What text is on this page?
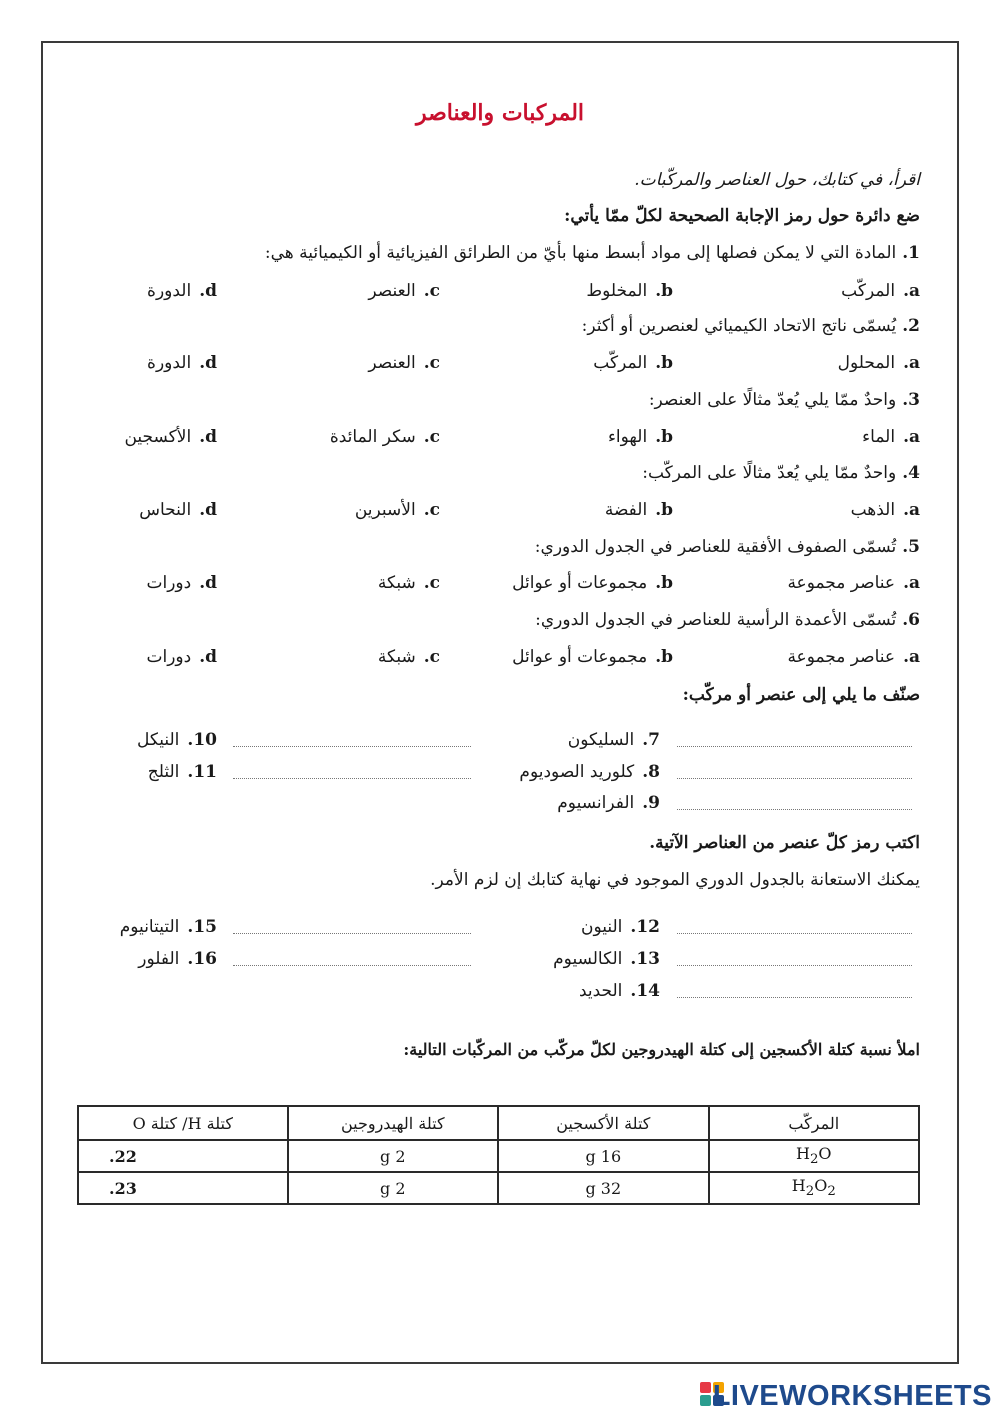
المركبات والعناصر
اقرأ، في كتابك، حول العناصر والمركّبات.
ضع دائرة حول رمز الإجابة الصحيحة لكلّ ممّا يأتي:
1.المادة التي لا يمكن فصلها إلى مواد أبسط منها بأيّ من الطرائق الفيزيائية أو الكيميائية هي:
a.المركّب
b.المخلوط
c.العنصر
d.الدورة
2.يُسمّى ناتج الاتحاد الكيميائي لعنصرين أو أكثر:
a.المحلول
b.المركّب
c.العنصر
d.الدورة
3.واحدٌ ممّا يلي يُعدّ مثالًا على العنصر:
a.الماء
b.الهواء
c.سكر المائدة
d.الأكسجين
4.واحدٌ ممّا يلي يُعدّ مثالًا على المركّب:
a.الذهب
b.الفضة
c.الأسبرين
d.النحاس
5.تُسمّى الصفوف الأفقية للعناصر في الجدول الدوري:
a.عناصر مجموعة
b.مجموعات أو عوائل
c.شبكة
d.دورات
6.تُسمّى الأعمدة الرأسية للعناصر في الجدول الدوري:
a.عناصر مجموعة
b.مجموعات أو عوائل
c.شبكة
d.دورات
صنّف ما يلي إلى عنصر أو مركّب:
7.السليكون
8.كلوريد الصوديوم
9.الفرانسيوم
10.النيكل
11.الثلج
اكتب رمز كلّ عنصر من العناصر الآتية.
يمكنك الاستعانة بالجدول الدوري الموجود في نهاية كتابك إن لزم الأمر.
12.النيون
13.الكالسيوم
14.الحديد
15.التيتانيوم
16.الفلور
املأ نسبة كتلة الأكسجين إلى كتلة الهيدروجين لكلّ مركّب من المركّبات التالية:
المركّب	كتلة الأكسجين	كتلة الهيدروجين	كتلة H/ كتلة O
$H_2O$	16 g	2 g	.22
$H_2O_2$	32 g	2 g	.23
LIVEWORKSHEETS
